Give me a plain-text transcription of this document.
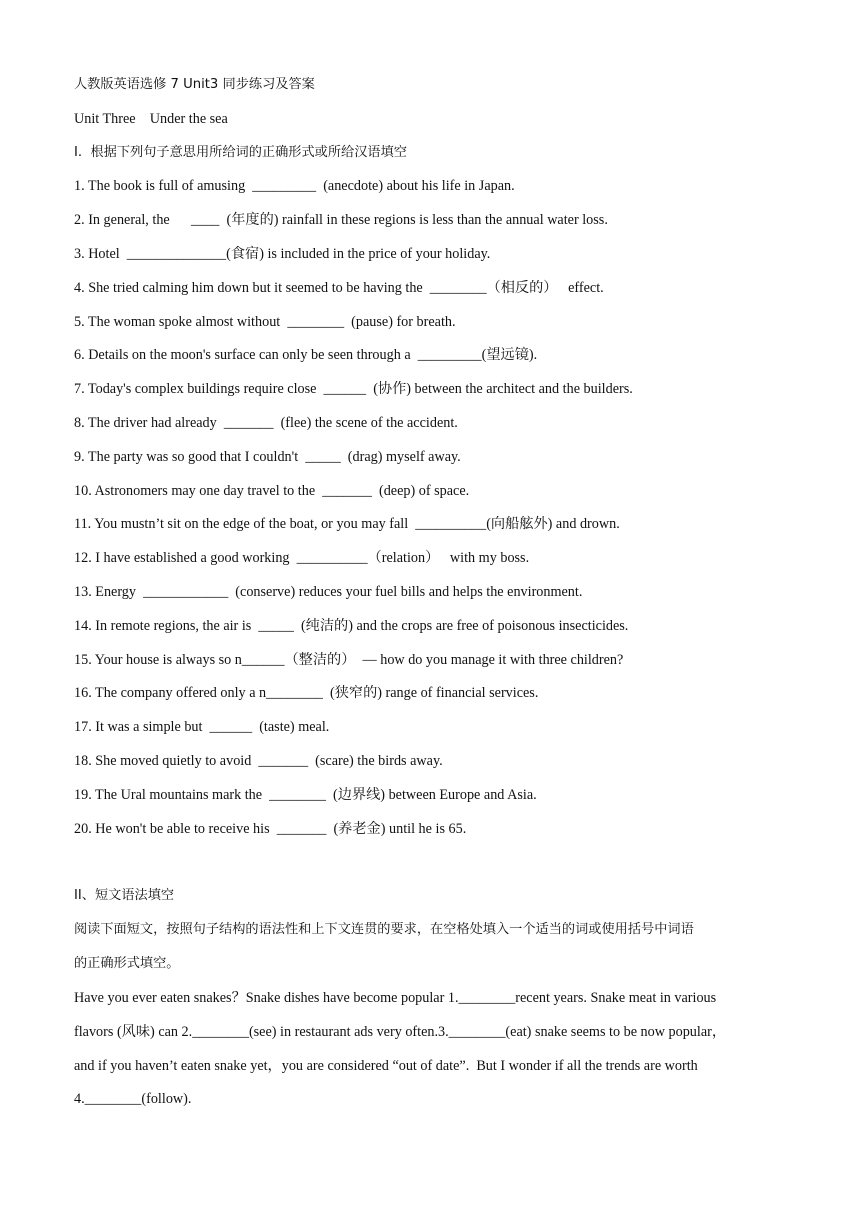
人教版英语选修 7 Unit3 同步练习及答案
Unit Three    Under the sea
I.  根据下列句子意思用所给词的正确形式或所给汉语填空
1. The book is full of amusing  _________  (anecdote) about his life in Japan.
2. In general, the      ____  (年度的) rainfall in these regions is less than the annual water loss.
3. Hotel  ______________(食宿) is included in the price of your holiday.
4. She tried calming him down but it seemed to be having the  ________（相反的）   effect.
5. The woman spoke almost without  ________  (pause) for breath.
6. Details on the moon's surface can only be seen through a  _________(望远镜).
7. Today's complex buildings require close  ______  (协作) between the architect and the builders.
8. The driver had already  _______  (flee) the scene of the accident.
9. The party was so good that I couldn't  _____  (drag) myself away.
10. Astronomers may one day travel to the  _______  (deep) of space.
11. You mustn’t sit on the edge of the boat, or you may fall  __________(向船舷外) and drown.
12. I have established a good working  __________（relation）   with my boss.
13. Energy  ____________  (conserve) reduces your fuel bills and helps the environment.
14. In remote regions, the air is  _____  (纯洁的) and the crops are free of poisonous insecticides.
15. Your house is always so n______（整洁的）  — how do you manage it with three children?
16. The company offered only a n________  (狭窄的) range of financial services.
17. It was a simple but  ______  (taste) meal.
18. She moved quietly to avoid  _______  (scare) the birds away.
19. The Ural mountains mark the  ________  (边界线) between Europe and Asia.
20. He won't be able to receive his  _______  (养老金) until he is 65.
II、短文语法填空
阅读下面短文，按照句子结构的语法性和上下文连贯的要求，在空格处填入一个适当的词或使用括号中词语
的正确形式填空。
Have you ever eaten snakes？Snake dishes have become popular 1.________recent years. Snake meat in various
flavors (风味) can 2.________(see) in restaurant ads very often.3.________(eat) snake seems to be now popular，
and if you haven’t eaten snake yet，you are considered “out of date”.  But I wonder if all the trends are worth
4.________(follow).
